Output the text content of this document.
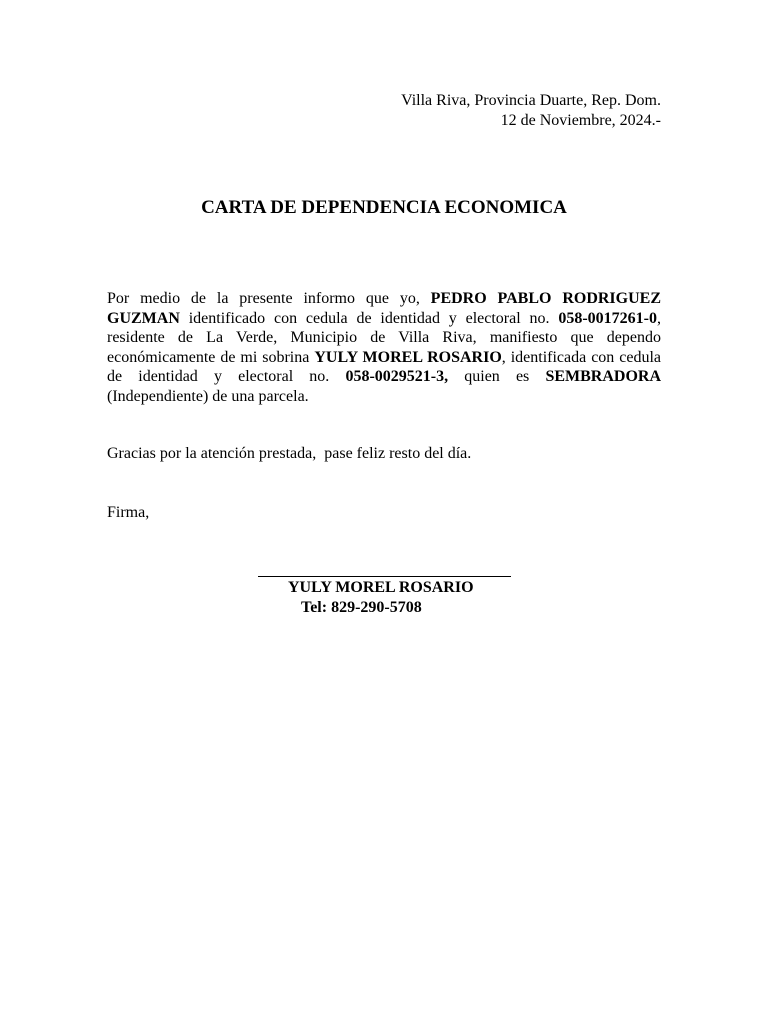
Villa Riva, Provincia Duarte, Rep. Dom.
12 de Noviembre, 2024.-
CARTA DE DEPENDENCIA ECONOMICA
Por medio de la presente informo que yo, PEDRO PABLO RODRIGUEZ GUZMAN identificado con cedula de identidad y electoral no. 058-0017261-0, residente de La Verde, Municipio de Villa Riva, manifiesto que dependo económicamente de mi sobrina YULY MOREL ROSARIO, identificada con cedula de identidad y electoral no. 058-0029521-3, quien es SEMBRADORA (Independiente) de una parcela.
Gracias por la atención prestada,  pase feliz resto del día.
Firma,
YULY MOREL ROSARIO
Tel: 829-290-5708
